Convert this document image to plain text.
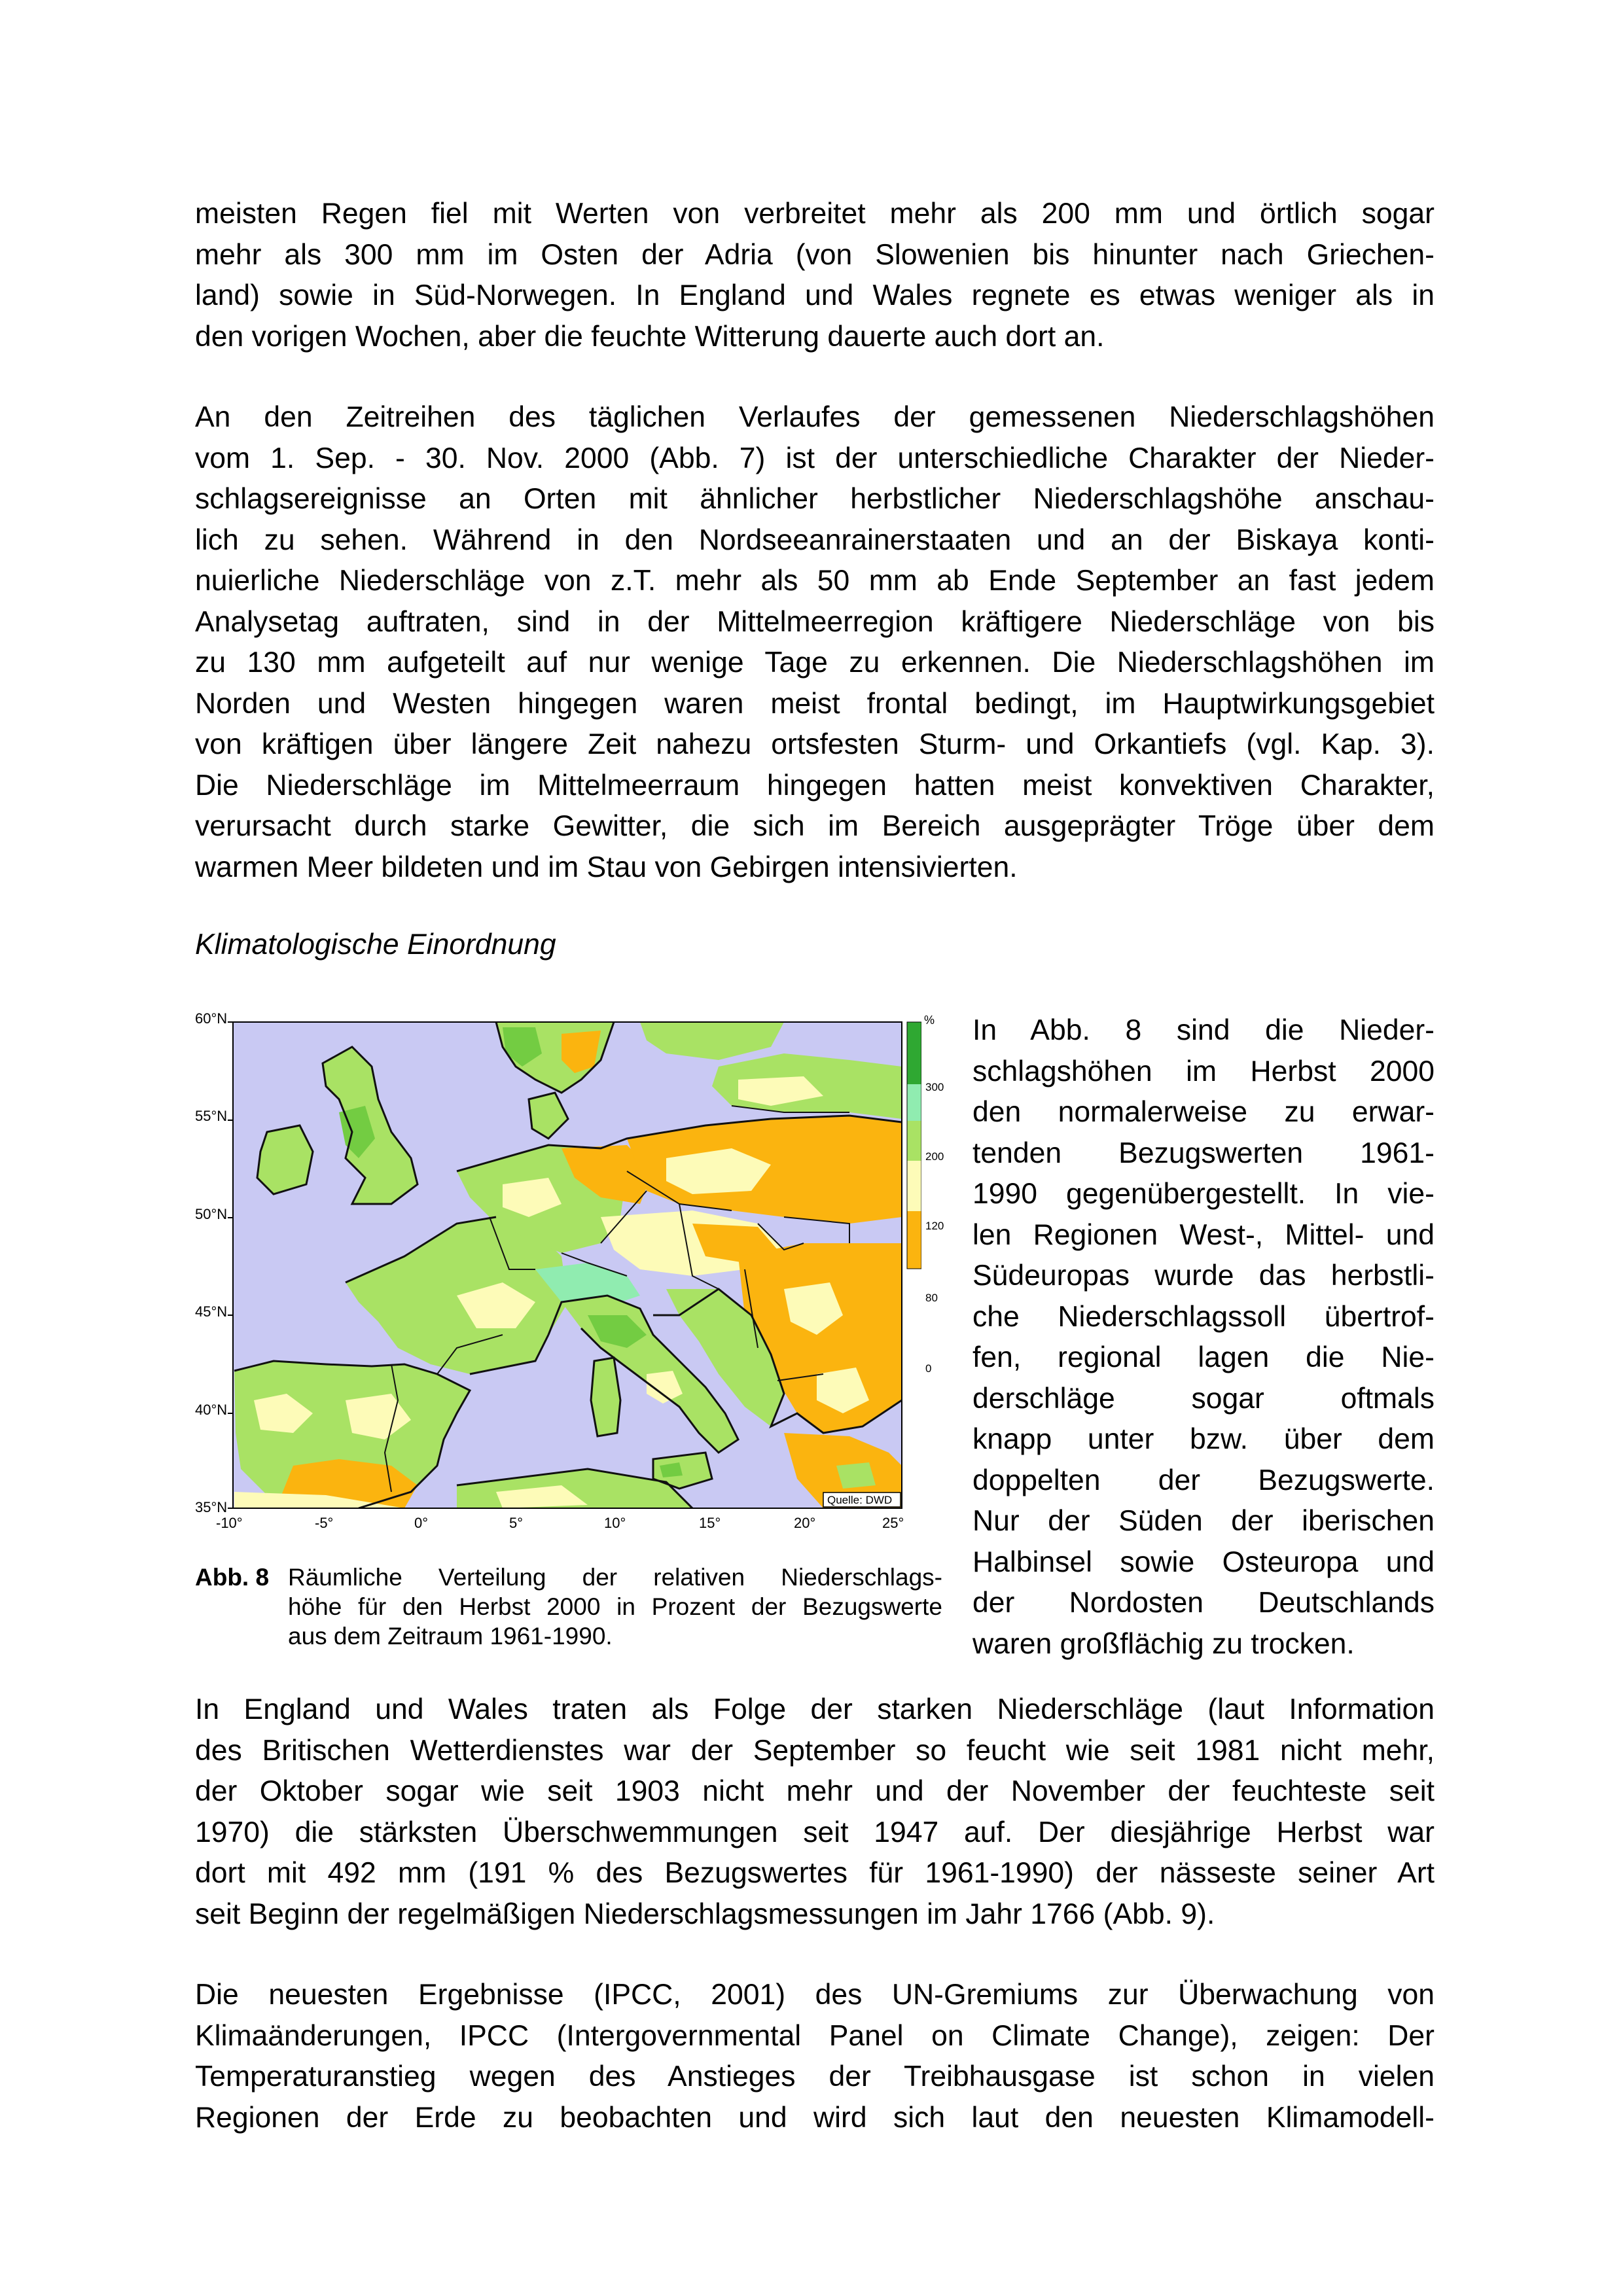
meisten Regen fiel mit Werten von verbreitet mehr als 200 mm und örtlich sogar
mehr als 300 mm im Osten der Adria (von Slowenien bis hinunter nach Griechen-
land) sowie in Süd-Norwegen. In England und Wales regnete es etwas weniger als in
den vorigen Wochen, aber die feuchte Witterung dauerte auch dort an.
An den Zeitreihen des täglichen Verlaufes der gemessenen Niederschlagshöhen
vom 1. Sep. - 30. Nov. 2000 (Abb. 7) ist der unterschiedliche Charakter der Nieder-
schlagsereignisse an Orten mit ähnlicher herbstlicher Niederschlagshöhe anschau-
lich zu sehen. Während in den Nordseeanrainerstaaten und an der Biskaya konti-
nuierliche Niederschläge von z.T. mehr als 50 mm ab Ende September an fast jedem
Analysetag auftraten, sind in der Mittelmeerregion kräftigere Niederschläge von bis
zu 130 mm aufgeteilt auf nur wenige Tage zu erkennen. Die Niederschlagshöhen im
Norden und Westen hingegen waren meist frontal bedingt, im Hauptwirkungsgebiet
von kräftigen über längere Zeit nahezu ortsfesten Sturm- und Orkantiefs (vgl. Kap. 3).
Die Niederschläge im Mittelmeerraum hingegen hatten meist konvektiven Charakter,
verursacht durch starke Gewitter, die sich im Bereich ausgeprägter Tröge über dem
warmen Meer bildeten und im Stau von Gebirgen intensivierten.
Klimatologische Einordnung
Quelle: DWD
60°N
55°N
50°N
45°N
40°N
35°N
-10°	-5°	0°	5°	10°	15°	20°	25°
%
300
200
120
80
0
In Abb. 8 sind die Nieder-
schlagshöhen im Herbst 2000
den normalerweise zu erwar-
tenden Bezugswerten 1961-
1990 gegenübergestellt. In vie-
len Regionen West-, Mittel- und
Südeuropas wurde das herbstli-
che Niederschlagssoll übertrof-
fen, regional lagen die Nie-
derschläge sogar oftmals
knapp unter bzw. über dem
doppelten der Bezugswerte.
Nur der Süden der iberischen
Halbinsel sowie Osteuropa und
der Nordosten Deutschlands
waren großflächig zu trocken.
Abb. 8 Räumliche Verteilung der relativen Niederschlags-
höhe für den Herbst 2000 in Prozent der Bezugswerte
aus dem Zeitraum 1961-1990.
In England und Wales traten als Folge der starken Niederschläge (laut Information
des Britischen Wetterdienstes war der September so feucht wie seit 1981 nicht mehr,
der Oktober sogar wie seit 1903 nicht mehr und der November der feuchteste seit
1970) die stärksten Überschwemmungen seit 1947 auf. Der diesjährige Herbst war
dort mit 492 mm (191 % des Bezugswertes für 1961-1990) der nässeste seiner Art
seit Beginn der regelmäßigen Niederschlagsmessungen im Jahr 1766 (Abb. 9).
Die neuesten Ergebnisse (IPCC, 2001) des UN-Gremiums zur Überwachung von
Klimaänderungen, IPCC (Intergovernmental Panel on Climate Change), zeigen: Der
Temperaturanstieg wegen des Anstieges der Treibhausgase ist schon in vielen
Regionen der Erde zu beobachten und wird sich laut den neuesten Klimamodell-
